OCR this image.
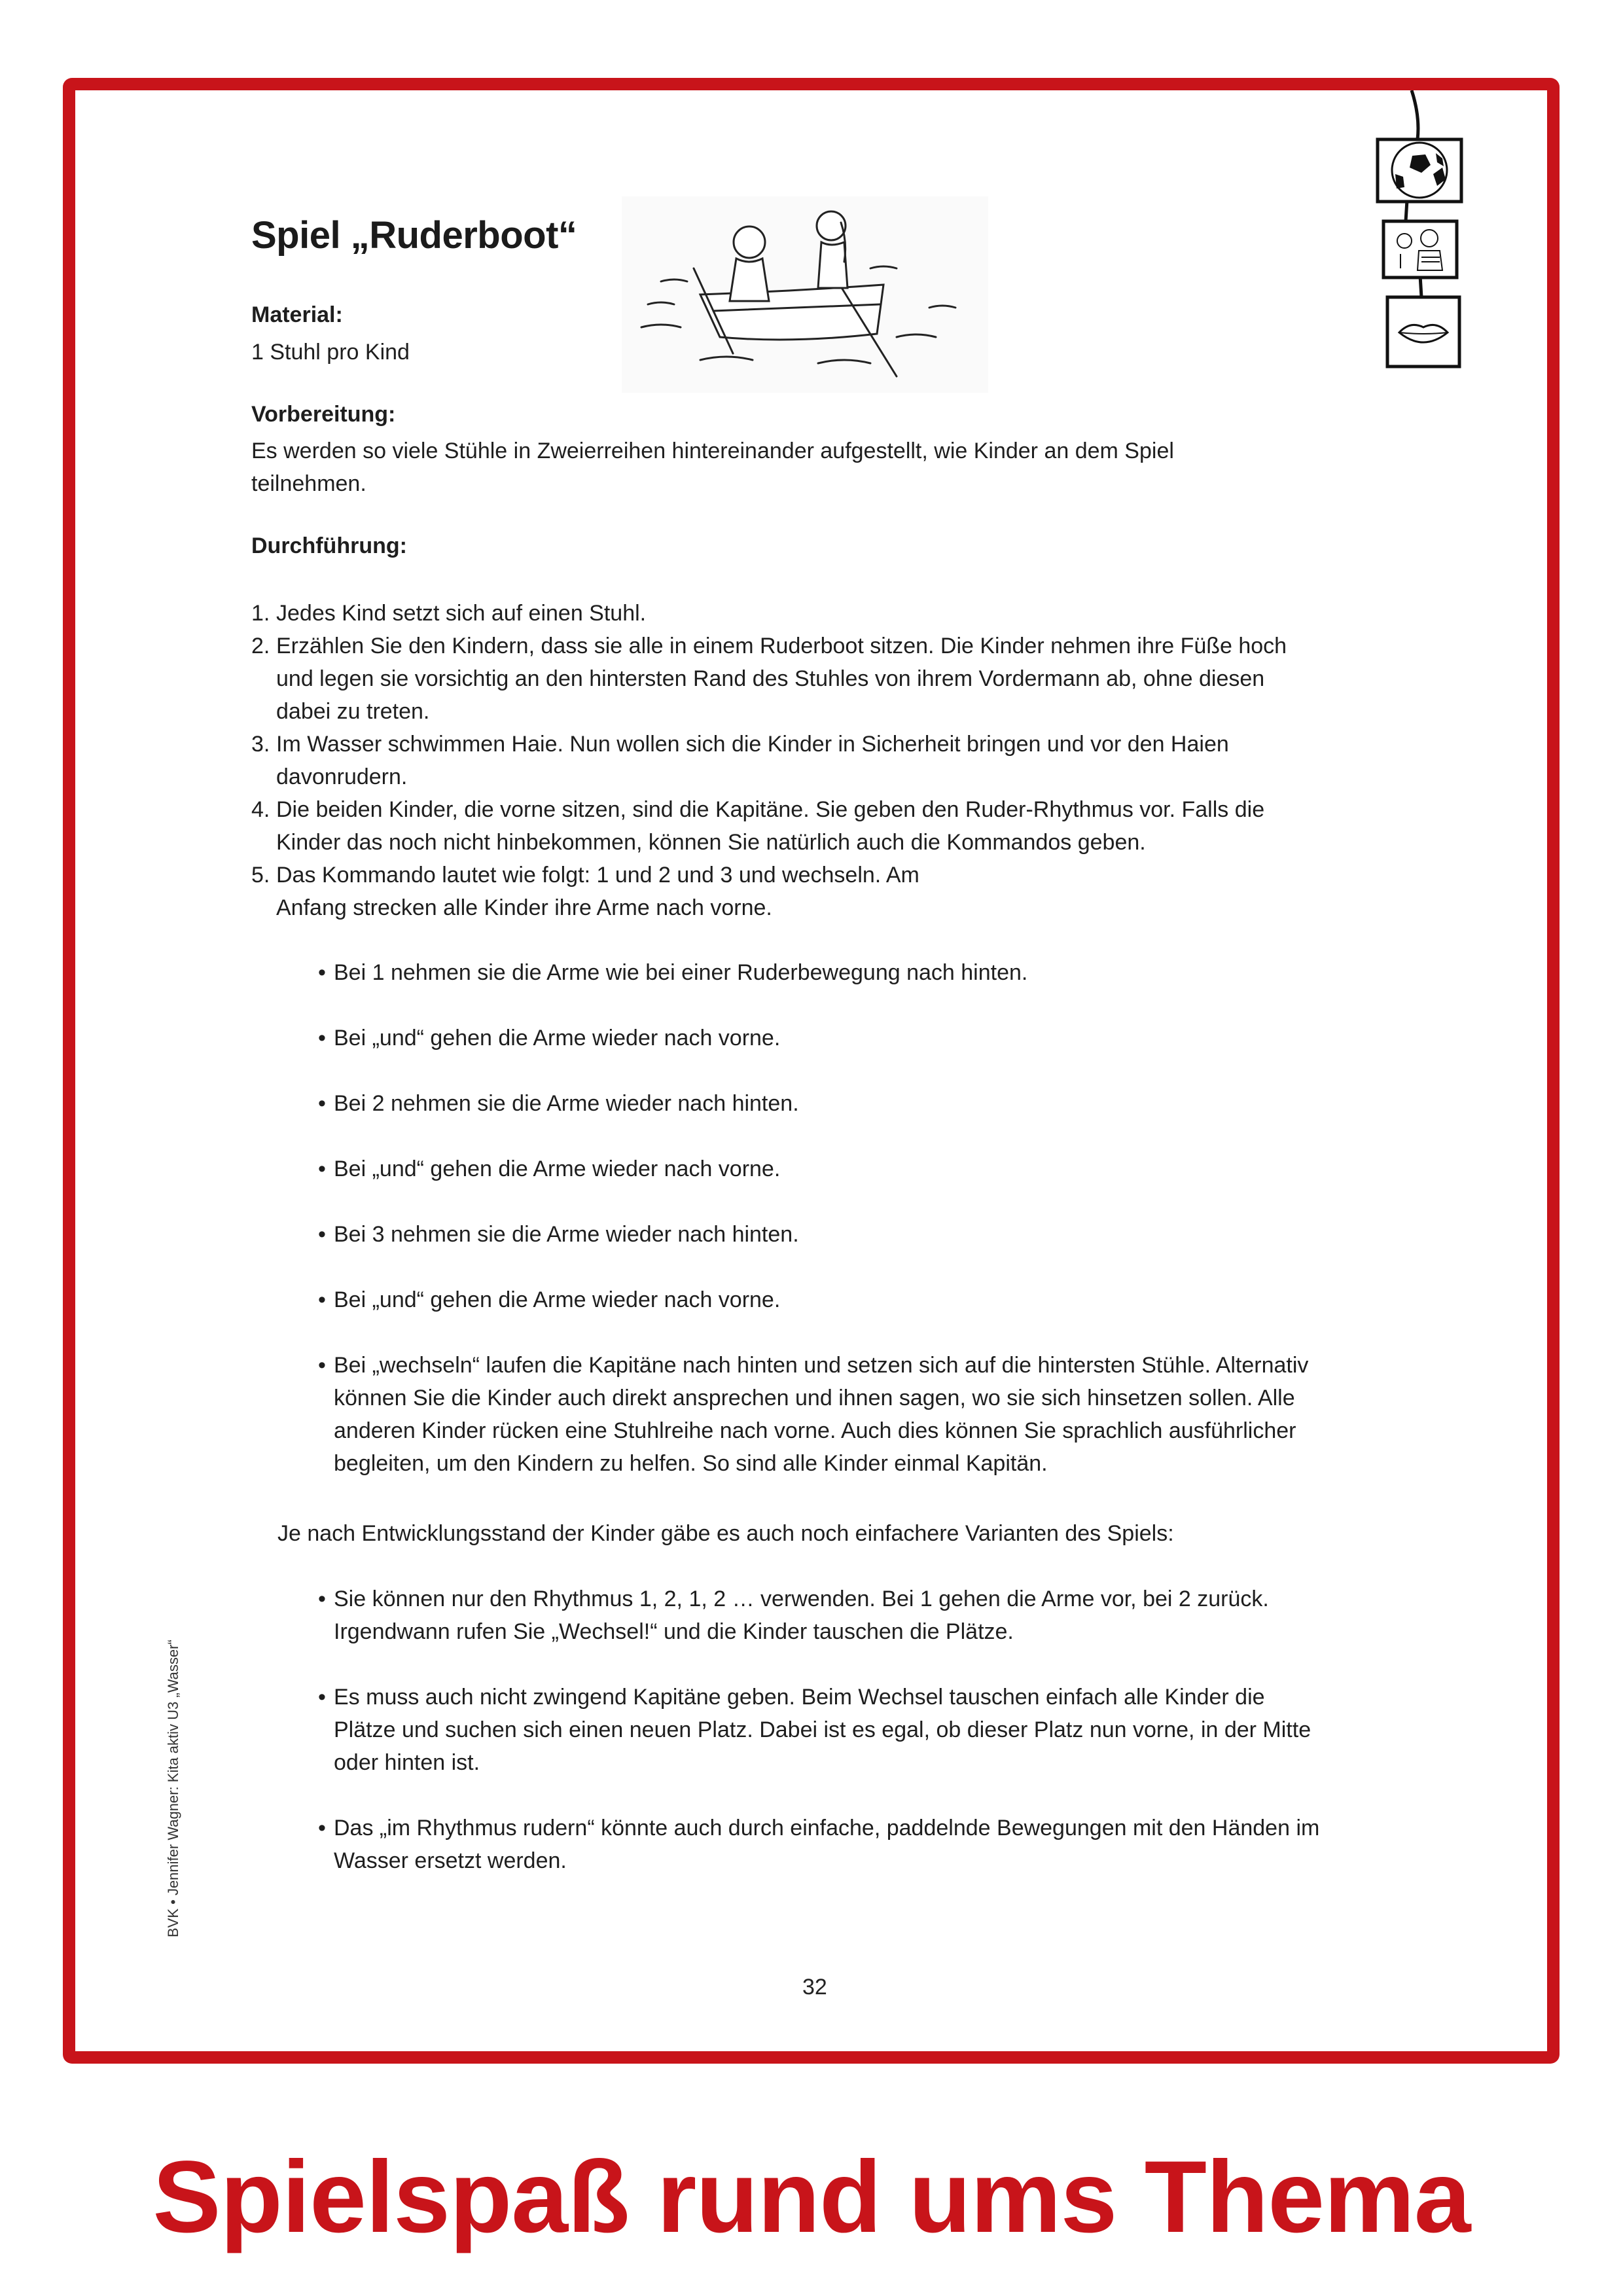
Spiel „Ruderboot“
Material:
1 Stuhl pro Kind
Vorbereitung:
Es werden so viele Stühle in Zweierreihen hintereinander aufgestellt, wie Kinder an dem Spiel teilnehmen.
Durchführung:
1. Jedes Kind setzt sich auf einen Stuhl.
2. Erzählen Sie den Kindern, dass sie alle in einem Ruderboot sitzen. Die Kinder nehmen ihre Füße hoch und legen sie vorsichtig an den hintersten Rand des Stuhles von ihrem Vordermann ab, ohne diesen dabei zu treten.
3. Im Wasser schwimmen Haie. Nun wollen sich die Kinder in Sicherheit bringen und vor den Haien davonrudern.
4. Die beiden Kinder, die vorne sitzen, sind die Kapitäne. Sie geben den Ruder-Rhythmus vor. Falls die Kinder das noch nicht hinbekommen, können Sie natürlich auch die Kommandos geben.
5. Das Kommando lautet wie folgt: 1 und 2 und 3 und wechseln. Am Anfang strecken alle Kinder ihre Arme nach vorne.
• Bei 1 nehmen sie die Arme wie bei einer Ruderbewegung nach hinten.
• Bei „und“ gehen die Arme wieder nach vorne.
• Bei 2 nehmen sie die Arme wieder nach hinten.
• Bei „und“ gehen die Arme wieder nach vorne.
• Bei 3 nehmen sie die Arme wieder nach hinten.
• Bei „und“ gehen die Arme wieder nach vorne.
• Bei „wechseln“ laufen die Kapitäne nach hinten und setzen sich auf die hintersten Stühle. Alternativ können Sie die Kinder auch direkt ansprechen und ihnen sagen, wo sie sich hinsetzen sollen. Alle anderen Kinder rücken eine Stuhlreihe nach vorne. Auch dies können Sie sprachlich ausführlicher begleiten, um den Kindern zu helfen. So sind alle Kinder einmal Kapitän.
Je nach Entwicklungsstand der Kinder gäbe es auch noch einfachere Varianten des Spiels:
• Sie können nur den Rhythmus 1, 2, 1, 2 … verwenden. Bei 1 gehen die Arme vor, bei 2 zurück. Irgendwann rufen Sie „Wechsel!“ und die Kinder tauschen die Plätze.
• Es muss auch nicht zwingend Kapitäne geben. Beim Wechsel tauschen einfach alle Kinder die Plätze und suchen sich einen neuen Platz. Dabei ist es egal, ob dieser Platz nun vorne, in der Mitte oder hinten ist.
• Das „im Rhythmus rudern“ könnte auch durch einfache, paddelnde Bewegungen mit den Händen im Wasser ersetzt werden.
BVK • Jennifer Wagner: Kita aktiv U3 „Wasser“
32
Spielspaß rund ums Thema
